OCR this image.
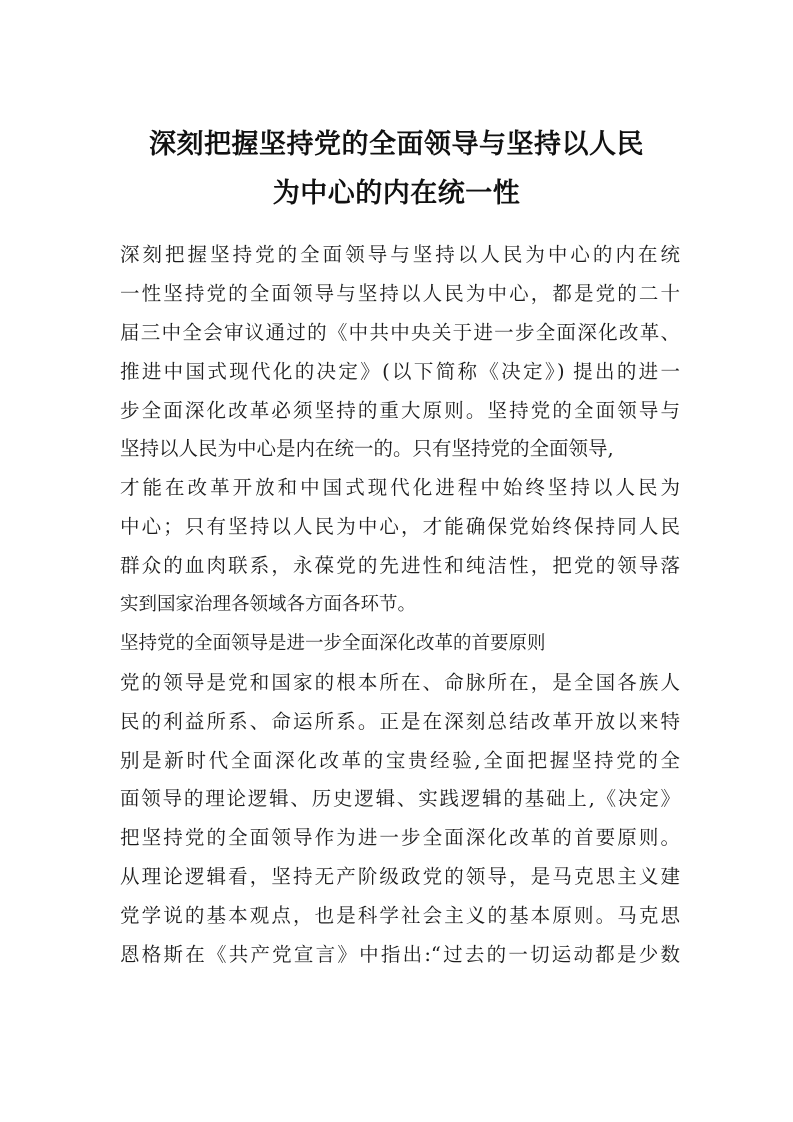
深刻把握坚持党的全面领导与坚持以人民
为中心的内在统一性
深刻把握坚持党的全面领导与坚持以人民为中心的内在统
一性坚持党的全面领导与坚持以人民为中心，都是党的二十
届三中全会审议通过的《中共中央关于进一步全面深化改革、
推进中国式现代化的决定》(以下简称《决定》) 提出的进一
步全面深化改革必须坚持的重大原则。坚持党的全面领导与
坚持以人民为中心是内在统一的。只有坚持党的全面领导,
才能在改革开放和中国式现代化进程中始终坚持以人民为
中心；只有坚持以人民为中心，才能确保党始终保持同人民
群众的血肉联系，永葆党的先进性和纯洁性，把党的领导落
实到国家治理各领域各方面各环节。
坚持党的全面领导是进一步全面深化改革的首要原则
党的领导是党和国家的根本所在、命脉所在，是全国各族人
民的利益所系、命运所系。正是在深刻总结改革开放以来特
别是新时代全面深化改革的宝贵经验,全面把握坚持党的全
面领导的理论逻辑、历史逻辑、实践逻辑的基础上,《决定》
把坚持党的全面领导作为进一步全面深化改革的首要原则。
从理论逻辑看，坚持无产阶级政党的领导，是马克思主义建
党学说的基本观点，也是科学社会主义的基本原则。马克思
恩格斯在《共产党宣言》中指出:“过去的一切运动都是少数
